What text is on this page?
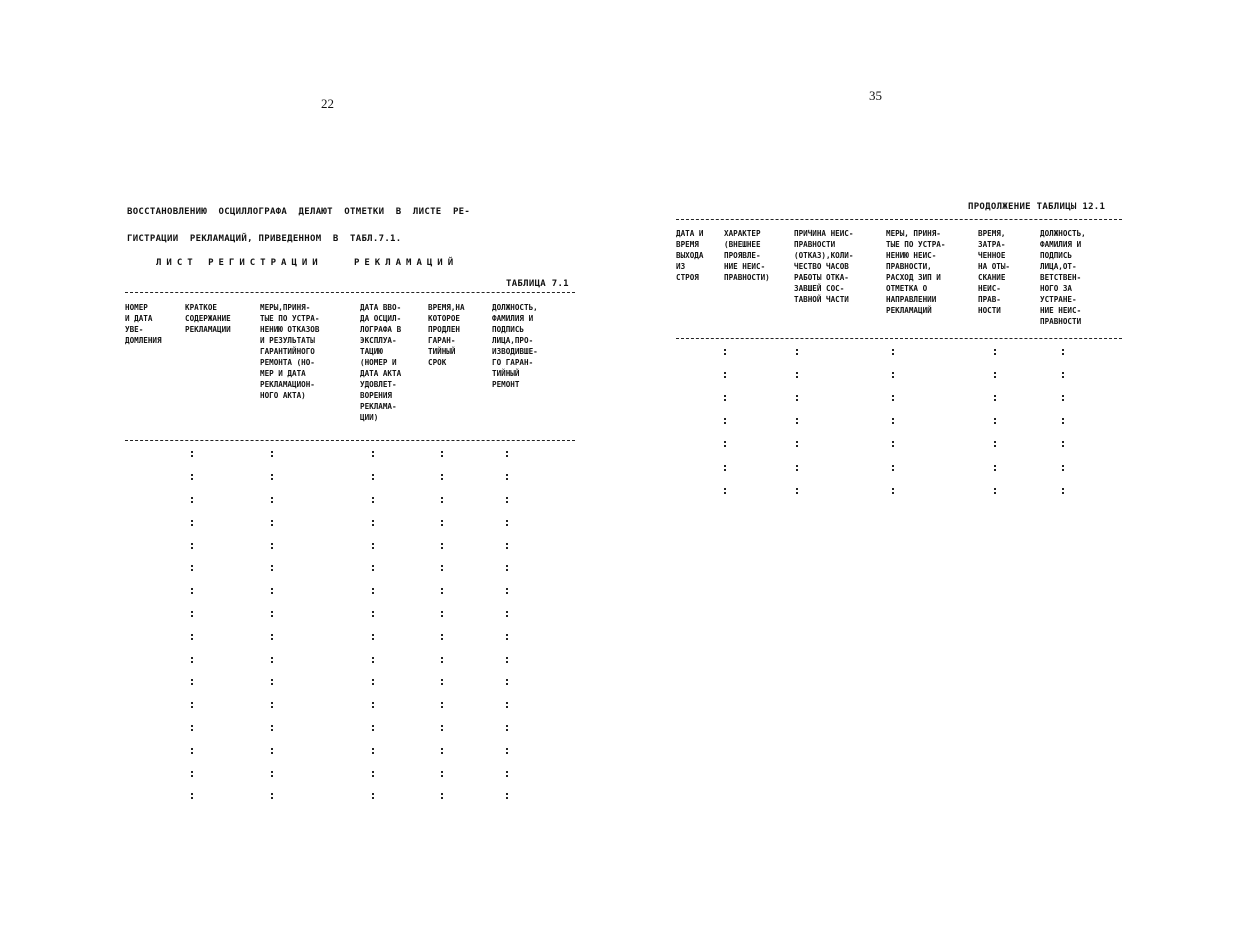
22
ВОССТАНОВЛЕНИЮ  ОСЦИЛЛОГРАФА  ДЕЛАЮТ  ОТМЕТКИ  В  ЛИСТЕ  РЕ-
ГИСТРАЦИИ  РЕКЛАМАЦИЙ, ПРИВЕДЕННОМ  В  ТАБЛ.7.1.
ЛИСТ РЕГИСТРАЦИИ   РЕКЛАМАЦИЙ
ТАБЛИЦА 7.1
НОМЕР
И ДАТА
УВЕ-
ДОМЛЕНИЯ
КРАТКОЕ
СОДЕРЖАНИЕ
РЕКЛАМАЦИИ
МЕРЫ,ПРИНЯ-
ТЫЕ ПО УСТРА-
НЕНИЮ ОТКАЗОВ
И РЕЗУЛЬТАТЫ
ГАРАНТИЙНОГО
РЕМОНТА (НО-
МЕР И ДАТА
РЕКЛАМАЦИОН-
НОГО АКТА)
ДАТА ВВО-
ДА ОСЦИЛ-
ЛОГРАФА В
ЭКСПЛУА-
ТАЦИЮ
(НОМЕР И
ДАТА АКТА
УДОВЛЕТ-
ВОРЕНИЯ
РЕКЛАМА-
ЦИИ)
ВРЕМЯ,НА
КОТОРОЕ
ПРОДЛЕН
ГАРАН-
ТИЙНЫЙ
СРОК
ДОЛЖНОСТЬ,
ФАМИЛИЯ И
ПОДПИСЬ
ЛИЦА,ПРО-
ИЗВОДИВШЕ-
ГО ГАРАН-
ТИЙНЫЙ
РЕМОНТ
35
ПРОДОЛЖЕНИЕ ТАБЛИЦЫ 12.1
ДАТА И
ВРЕМЯ
ВЫХОДА
ИЗ
СТРОЯ
ХАРАКТЕР
(ВНЕШНЕЕ
ПРОЯВЛЕ-
НИЕ НЕИС-
ПРАВНОСТИ)
ПРИЧИНА НЕИС-
ПРАВНОСТИ
(ОТКАЗ),КОЛИ-
ЧЕСТВО ЧАСОВ
РАБОТЫ ОТКА-
ЗАВШЕЙ СОС-
ТАВНОЙ ЧАСТИ
МЕРЫ, ПРИНЯ-
ТЫЕ ПО УСТРА-
НЕНИЮ НЕИС-
ПРАВНОСТИ,
РАСХОД ЗИП И
ОТМЕТКА О
НАПРАВЛЕНИИ
РЕКЛАМАЦИЙ
ВРЕМЯ,
ЗАТРА-
ЧЕННОЕ
НА ОТЫ-
СКАНИЕ
НЕИС-
ПРАВ-
НОСТИ
ДОЛЖНОСТЬ,
ФАМИЛИЯ И
ПОДПИСЬ
ЛИЦА,ОТ-
ВЕТСТВЕН-
НОГО ЗА
УСТРАНЕ-
НИЕ НЕИС-
ПРАВНОСТИ
